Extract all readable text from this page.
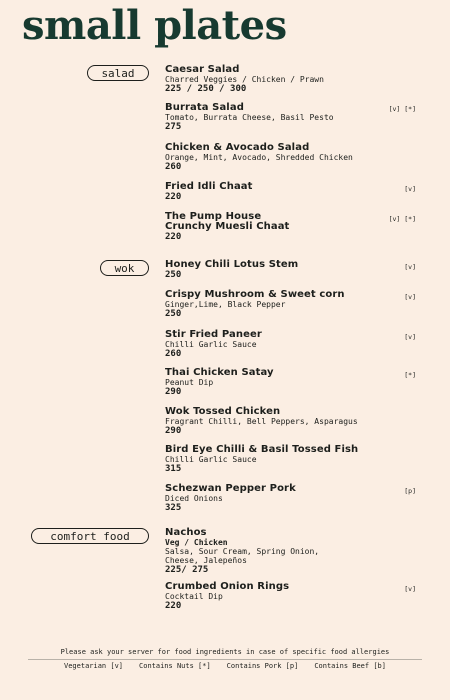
small plates
salad
wok
comfort food
Caesar Salad
Charred Veggies / Chicken / Prawn
225 / 250 / 300
Burrata Salad
Tomato, Burrata Cheese, Basil Pesto
275
[v] [*]
Chicken & Avocado Salad
Orange, Mint, Avocado, Shredded Chicken
260
Fried Idli Chaat
220
[v]
The Pump House
Crunchy Muesli Chaat
220
[v] [*]
Honey Chili Lotus Stem
250
[v]
Crispy Mushroom & Sweet corn
Ginger,Lime, Black Pepper
250
[v]
Stir Fried Paneer
Chilli Garlic Sauce
260
[v]
Thai Chicken Satay
Peanut Dip
290
[*]
Wok Tossed Chicken
Fragrant Chilli, Bell Peppers, Asparagus
290
Bird Eye Chilli & Basil Tossed Fish
Chilli Garlic Sauce
315
Schezwan Pepper Pork
Diced Onions
325
[p]
Nachos
Veg / Chicken
Salsa, Sour Cream, Spring Onion,
Cheese, Jalepeños
225/ 275
Crumbed Onion Rings
Cocktail Dip
220
[v]
Please ask your server for food ingredients in case of specific food allergies
Vegetarian [v] Contains Nuts [*] Contains Pork [p] Contains Beef [b]
